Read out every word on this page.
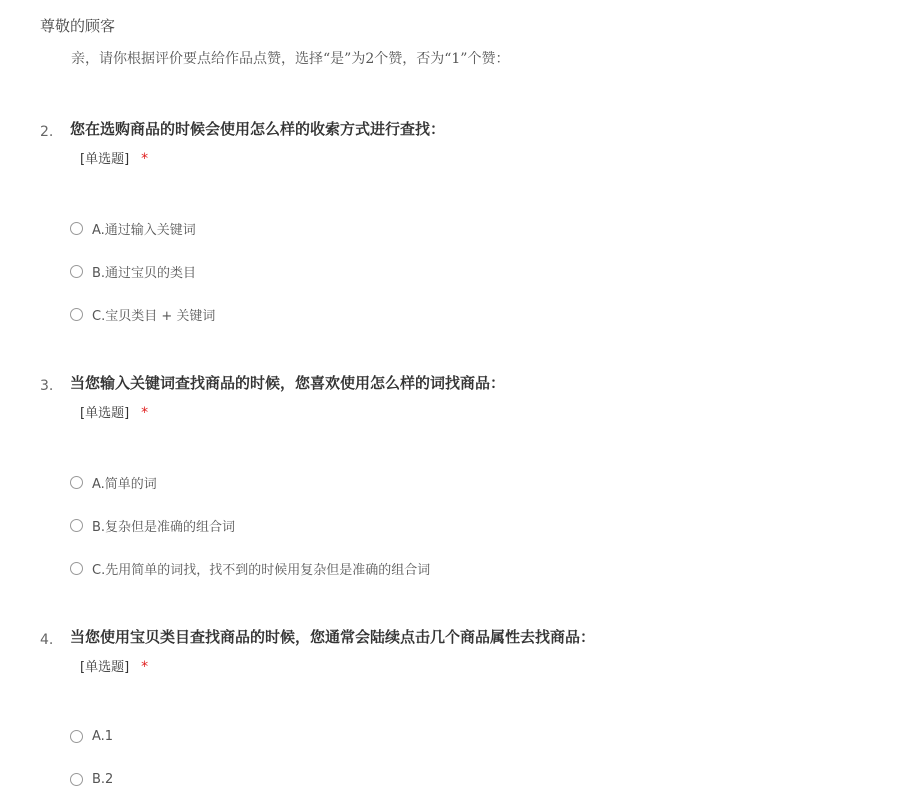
尊敬的顾客
亲，请你根据评价要点给作品点赞，选择“是”为2个赞，否为“1”个赞：
2. 您在选购商品的时候会使用怎么样的收索方式进行查找：
[单选题] *
A.通过输入关键词
B.通过宝贝的类目
C.宝贝类目 + 关键词
3. 当您输入关键词查找商品的时候，您喜欢使用怎么样的词找商品：
[单选题] *
A.简单的词
B.复杂但是准确的组合词
C.先用简单的词找，找不到的时候用复杂但是准确的组合词
4. 当您使用宝贝类目查找商品的时候，您通常会陆续点击几个商品属性去找商品：
[单选题] *
A.1
B.2
